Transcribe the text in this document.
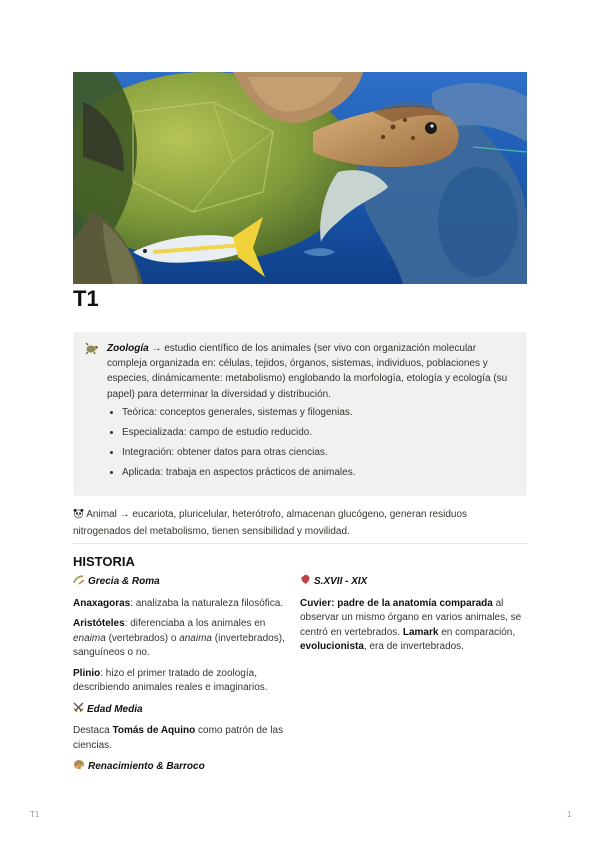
T1
Zoología → estudio científico de los animales (ser vivo con organización molecular compleja organizada en: células, tejidos, órganos, sistemas, individuos, poblaciones y especies, dinámicamente: metabolismo) englobando la morfología, etología y ecología (su papel) para determinar la diversidad y distribución.
• Teórica: conceptos generales, sistemas y filogenias.
• Especializada: campo de estudio reducido.
• Integración: obtener datos para otras ciencias.
• Aplicada: trabaja en aspectos prácticos de animales.
Animal → eucariota, pluricelular, heterótrofo, almacenan glucógeno, generan residuos nitrogenados del metabolismo, tienen sensibilidad y movilidad.
HISTORIA

Grecia & Roma

Anaxagoras: analizaba la naturaleza filosófica.

Aristóteles: diferenciaba a los animales en enaima (vertebrados) o anaima (invertebrados), sanguíneos o no.

Plinio: hizo el primer tratado de zoología, describiendo animales reales e imaginarios.

Edad Media

Destaca Tomás de Aquino como patrón de las ciencias.

Renacimiento & Barroco

S.XVII - XIX

Cuvier: padre de la anatomía comparada al observar un mismo órgano en varios animales, se centró en vertebrados. Lamark en comparación, evolucionista, era de invertebrados.

T1	1
